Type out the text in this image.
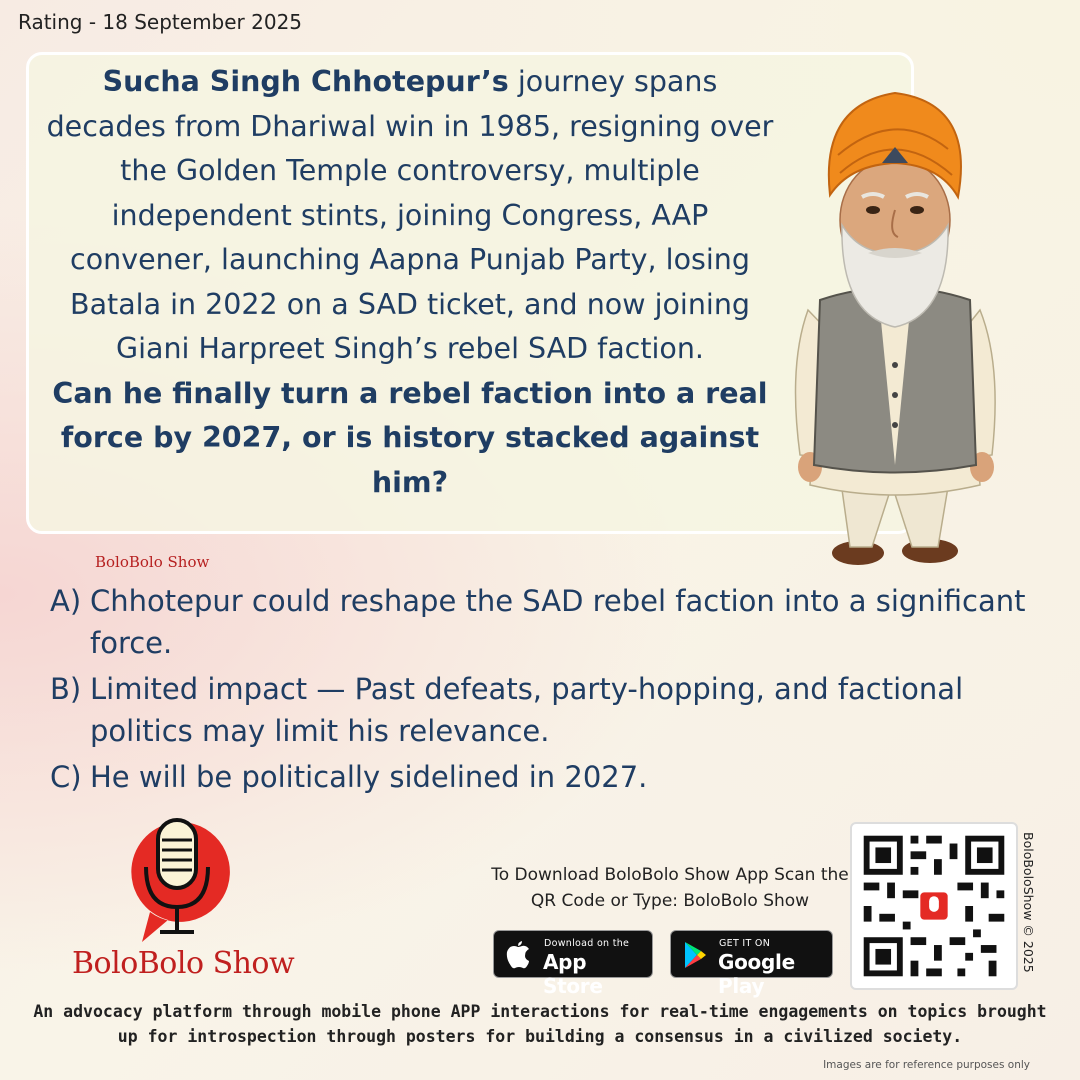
Rating - 18 September 2025
Sucha Singh Chhotepur’s journey spans decades from Dhariwal win in 1985, resigning over the Golden Temple controversy, multiple independent stints, joining Congress, AAP convener, launching Aapna Punjab Party, losing Batala in 2022 on a SAD ticket, and now joining Giani Harpreet Singh’s rebel SAD faction.
Can he finally turn a rebel faction into a real force by 2027, or is history stacked against him?
BoloBolo Show
A) Chhotepur could reshape the SAD rebel faction into a significant force.
B) Limited impact — Past defeats, party-hopping, and factional politics may limit his relevance.
C) He will be politically sidelined in 2027.
BoloBolo Show
To Download BoloBolo Show App Scan the QR Code or Type: BoloBolo Show
Download on the
App Store
GET IT ON
Google Play
BoloBoloShow © 2025
An advocacy platform through mobile phone APP interactions for real-time engagements on topics brought up for introspection through posters for building a consensus in a civilized society.
Images are for reference purposes only
